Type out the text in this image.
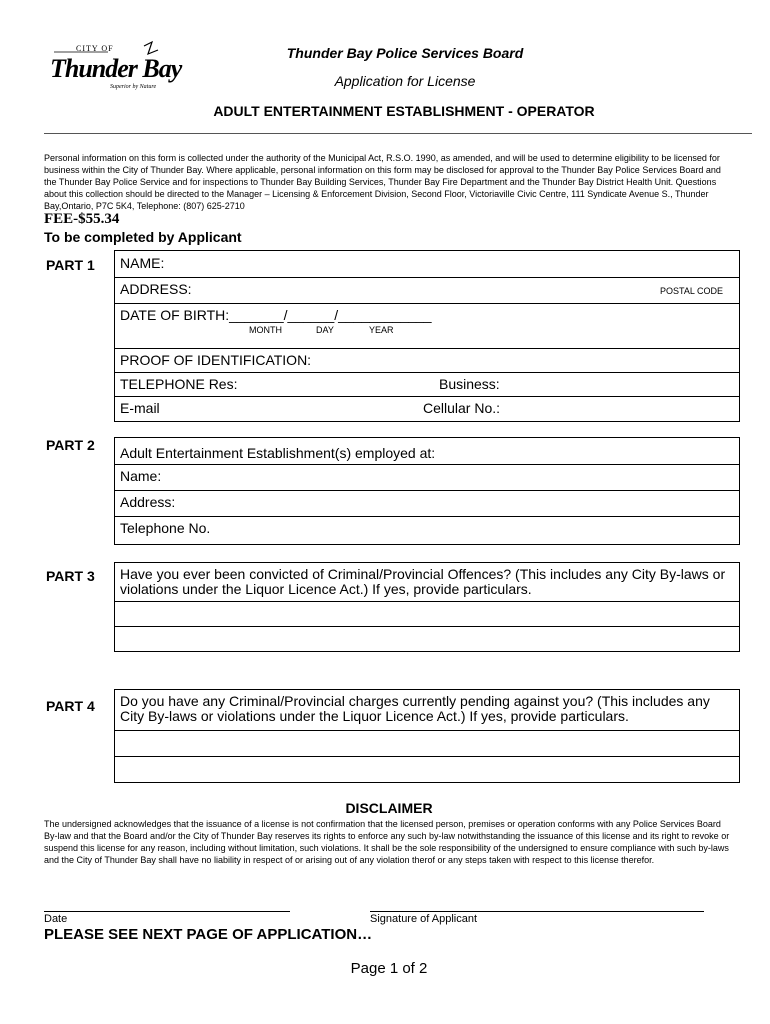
CITY OF
Thunder Bay
Superior by Nature
Thunder Bay Police Services Board
Application for License
ADULT ENTERTAINMENT ESTABLISHMENT - OPERATOR
Personal information on this form is collected under the authority of the Municipal Act, R.S.O. 1990, as amended, and will be used to determine eligibility to be licensed for business within the City of Thunder Bay. Where applicable, personal information on this form may be disclosed for approval to the Thunder Bay Police Services Board and the Thunder Bay Police Service and for inspections to Thunder Bay Building Services, Thunder Bay Fire Department and the Thunder Bay District Health Unit. Questions about this collection should be directed to the Manager – Licensing & Enforcement Division, Second Floor, Victoriaville Civic Centre, 111 Syndicate Avenue S., Thunder Bay,Ontario, P7C 5K4, Telephone: (807) 625-2710
FEE-$55.34
To be completed by Applicant
PART 1 NAME:
ADDRESS:	POSTAL CODE
DATE OF BIRTH:_______/______/____________
MONTH	DAY	YEAR
PROOF OF IDENTIFICATION:
TELEPHONE Res:	Business:
E-mail	Cellular No.:
PART 2 Adult Entertainment Establishment(s) employed at:
Name:
Address:
Telephone No.
PART 3 Have you ever been convicted of Criminal/Provincial Offences? (This includes any City By-laws or violations under the Liquor Licence Act.) If yes, provide particulars.
PART 4 Do you have any Criminal/Provincial charges currently pending against you? (This includes any City By-laws or violations under the Liquor Licence Act.) If yes, provide particulars.
DISCLAIMER
The undersigned acknowledges that the issuance of a license is not confirmation that the licensed person, premises or operation conforms with any Police Services Board By-law and that the Board and/or the City of Thunder Bay reserves its rights to enforce any such by-law notwithstanding the issuance of this license and its right to revoke or suspend this license for any reason, including without limitation, such violations. It shall be the sole responsibility of the undersigned to ensure compliance with such by-laws and the City of Thunder Bay shall have no liability in respect of or arising out of any violation therof or any steps taken with respect to this license therefor.
Date	Signature of Applicant
PLEASE SEE NEXT PAGE OF APPLICATION…
Page 1 of 2
